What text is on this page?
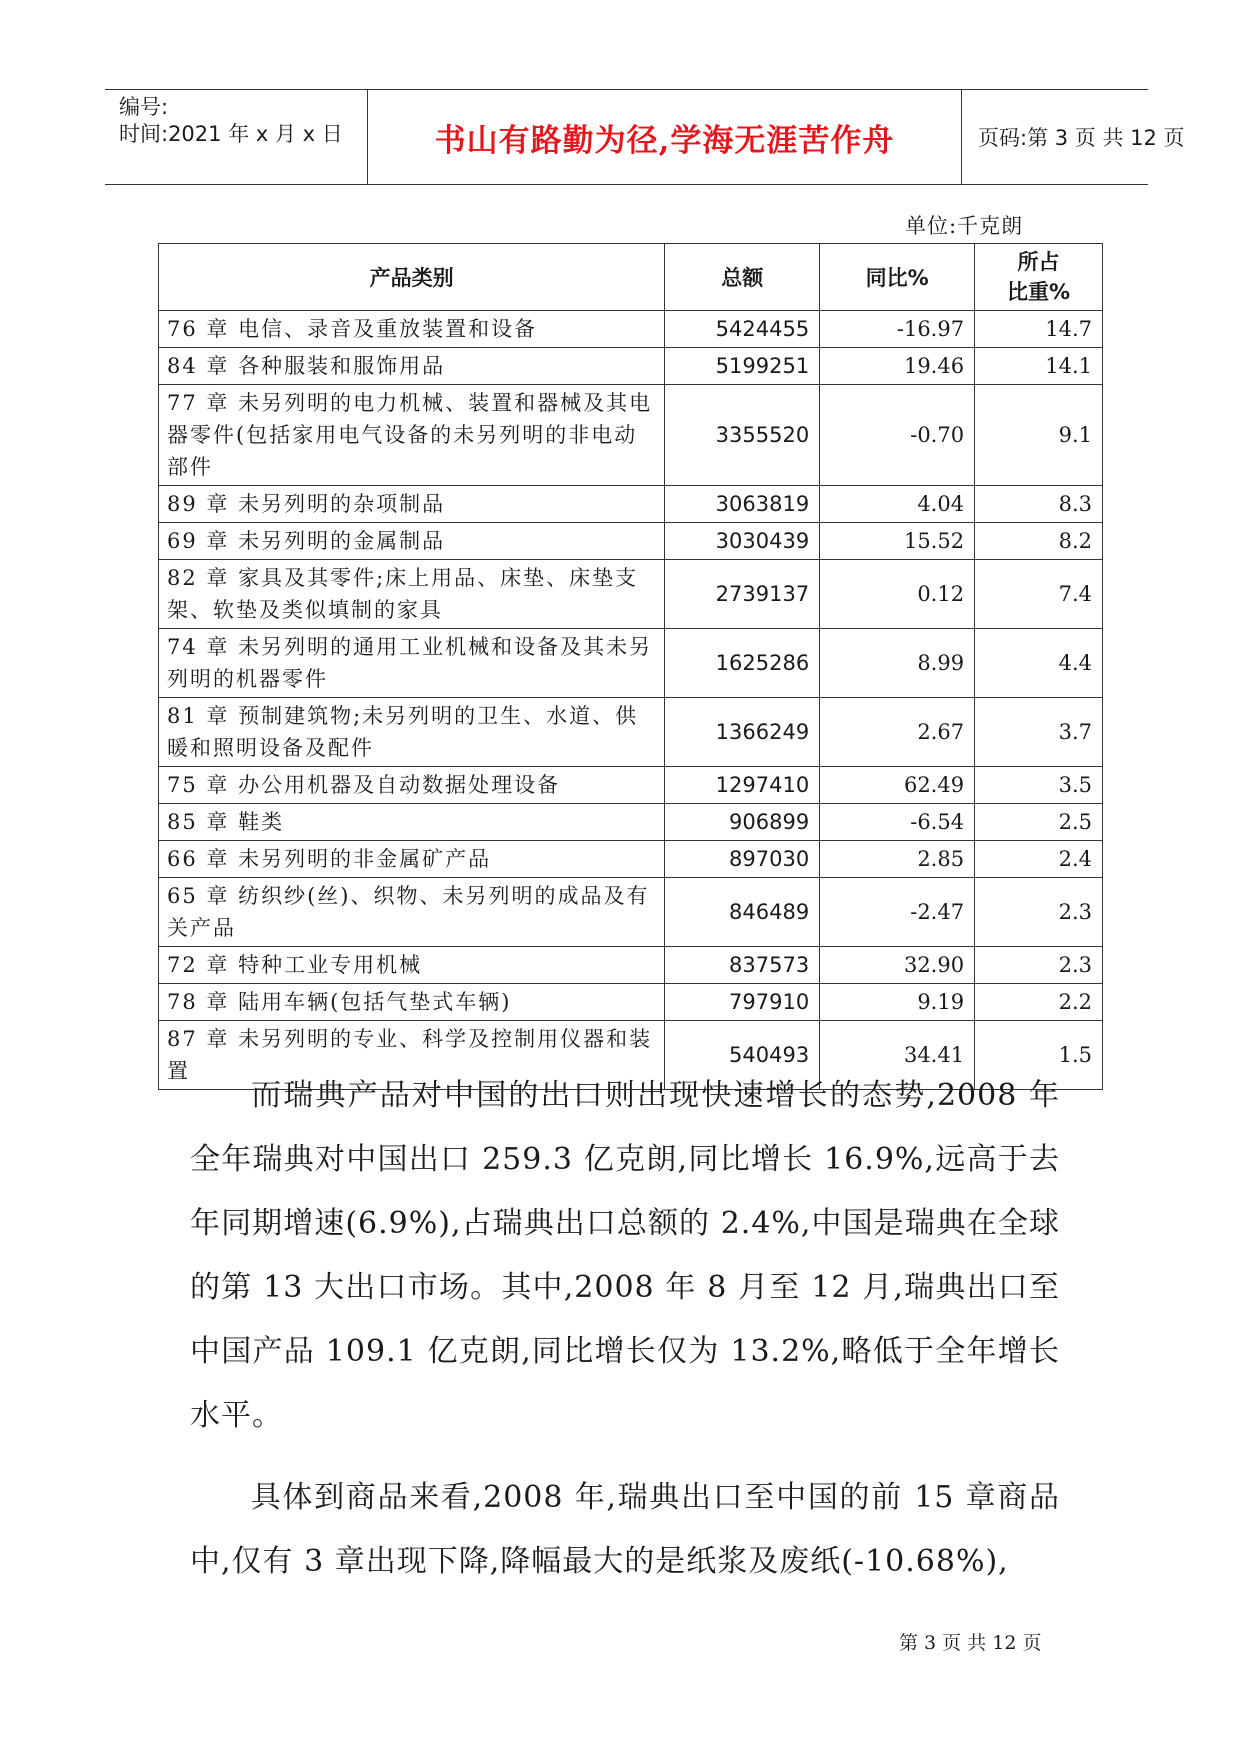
编号:
时间:2021 年 x 月 x 日	书山有路勤为径,学海无涯苦作舟	页码:第 3 页 共 12 页
单位:千克朗
产品类别	总额	同比%	所占
比重%
76 章 电信、录音及重放装置和设备	5424455	-16.97	14.7
84 章 各种服装和服饰用品	5199251	19.46	14.1
77 章 未另列明的电力机械、装置和器械及其电器零件(包括家用电气设备的未另列明的非电动部件	3355520	-0.70	9.1
89 章 未另列明的杂项制品	3063819	4.04	8.3
69 章 未另列明的金属制品	3030439	15.52	8.2
82 章 家具及其零件;床上用品、床垫、床垫支架、软垫及类似填制的家具	2739137	0.12	7.4
74 章 未另列明的通用工业机械和设备及其未另列明的机器零件	1625286	8.99	4.4
81 章 预制建筑物;未另列明的卫生、水道、供暖和照明设备及配件	1366249	2.67	3.7
75 章 办公用机器及自动数据处理设备	1297410	62.49	3.5
85 章 鞋类	906899	-6.54	2.5
66 章 未另列明的非金属矿产品	897030	2.85	2.4
65 章 纺织纱(丝)、织物、未另列明的成品及有关产品	846489	-2.47	2.3
72 章 特种工业专用机械	837573	32.90	2.3
78 章 陆用车辆(包括气垫式车辆)	797910	9.19	2.2
87 章 未另列明的专业、科学及控制用仪器和装置	540493	34.41	1.5

而瑞典产品对中国的出口则出现快速增长的态势,2008 年全年瑞典对中国出口 259.3 亿克朗,同比增长 16.9%,远高于去年同期增速(6.9%),占瑞典出口总额的 2.4%,中国是瑞典在全球的第 13 大出口市场。其中,2008 年 8 月至 12 月,瑞典出口至中国产品 109.1 亿克朗,同比增长仅为 13.2%,略低于全年增长水平。

具体到商品来看,2008 年,瑞典出口至中国的前 15 章商品中,仅有 3 章出现下降,降幅最大的是纸浆及废纸(-10.68%),

第 3 页 共 12 页
